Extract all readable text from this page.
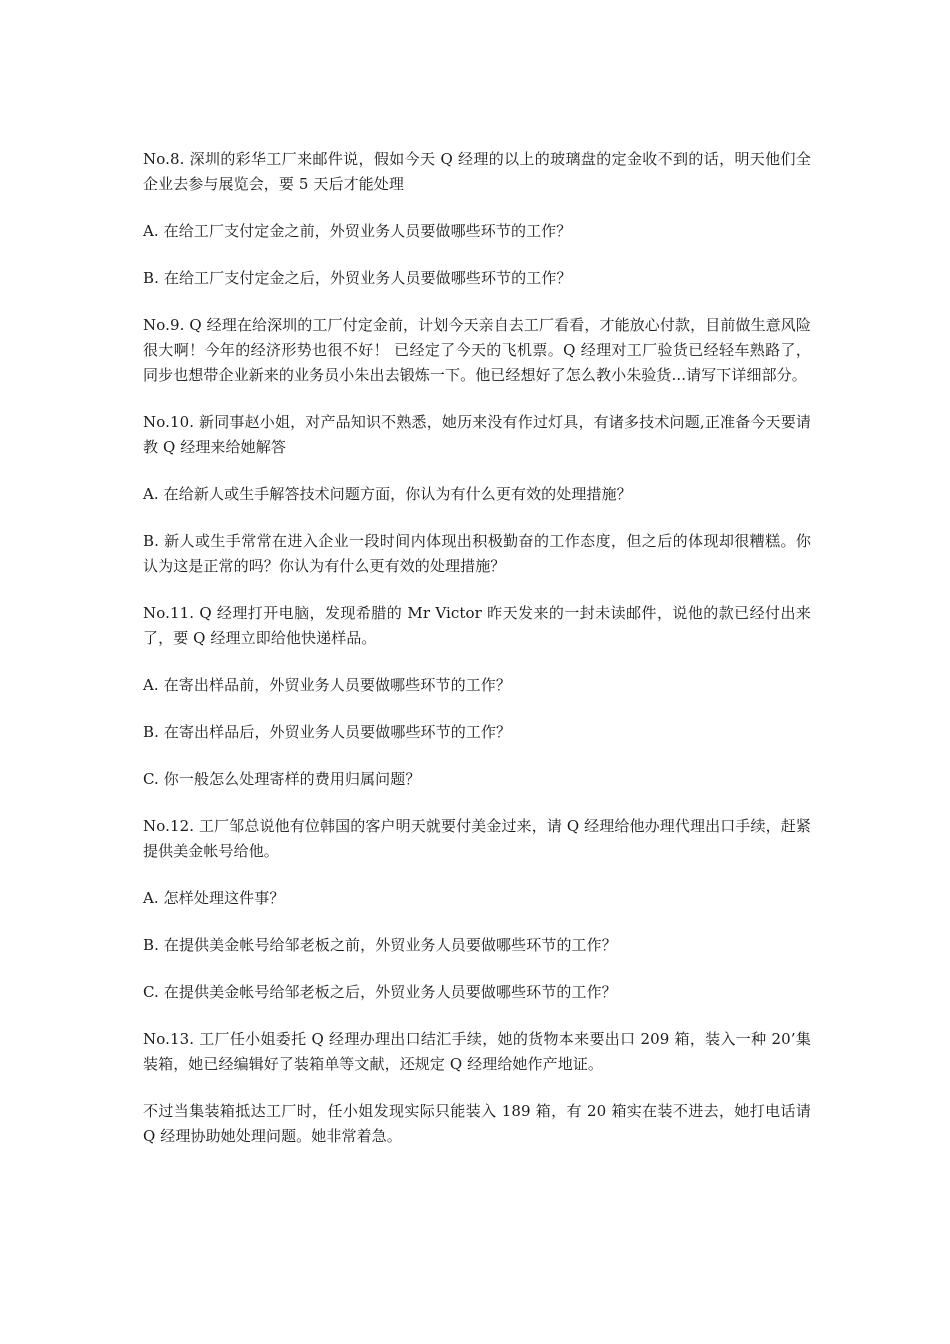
No.8. 深圳的彩华工厂来邮件说，假如今天 Q 经理的以上的玻璃盘的定金收不到的话，明天他们全企业去参与展览会，要 5 天后才能处理

A. 在给工厂支付定金之前，外贸业务人员要做哪些环节的工作？

B. 在给工厂支付定金之后，外贸业务人员要做哪些环节的工作？

No.9. Q 经理在给深圳的工厂付定金前，计划今天亲自去工厂看看，才能放心付款，目前做生意风险很大啊！今年的经济形势也很不好！ 已经定了今天的飞机票。Q 经理对工厂验货已经轻车熟路了，同步也想带企业新来的业务员小朱出去锻炼一下。他已经想好了怎么教小朱验货...请写下详细部分。

No.10. 新同事赵小姐，对产品知识不熟悉，她历来没有作过灯具，有诸多技术问题,正准备今天要请教 Q 经理来给她解答

A. 在给新人或生手解答技术问题方面，你认为有什么更有效的处理措施？

B. 新人或生手常常在进入企业一段时间内体现出积极勤奋的工作态度，但之后的体现却很糟糕。你认为这是正常的吗？你认为有什么更有效的处理措施？

No.11. Q 经理打开电脑，发现希腊的 Mr Victor 昨天发来的一封未读邮件，说他的款已经付出来了，要 Q 经理立即给他快递样品。

A. 在寄出样品前，外贸业务人员要做哪些环节的工作？

B. 在寄出样品后，外贸业务人员要做哪些环节的工作？

C. 你一般怎么处理寄样的费用归属问题？

No.12. 工厂邹总说他有位韩国的客户明天就要付美金过来，请 Q 经理给他办理代理出口手续，赶紧提供美金帐号给他。

A. 怎样处理这件事？

B. 在提供美金帐号给邹老板之前，外贸业务人员要做哪些环节的工作？

C. 在提供美金帐号给邹老板之后，外贸业务人员要做哪些环节的工作？

No.13. 工厂任小姐委托 Q 经理办理出口结汇手续，她的货物本来要出口 209 箱，装入一种 20’集装箱，她已经编辑好了装箱单等文献，还规定 Q 经理给她作产地证。

不过当集装箱抵达工厂时，任小姐发现实际只能装入 189 箱，有 20 箱实在装不进去，她打电话请 Q 经理协助她处理问题。她非常着急。
